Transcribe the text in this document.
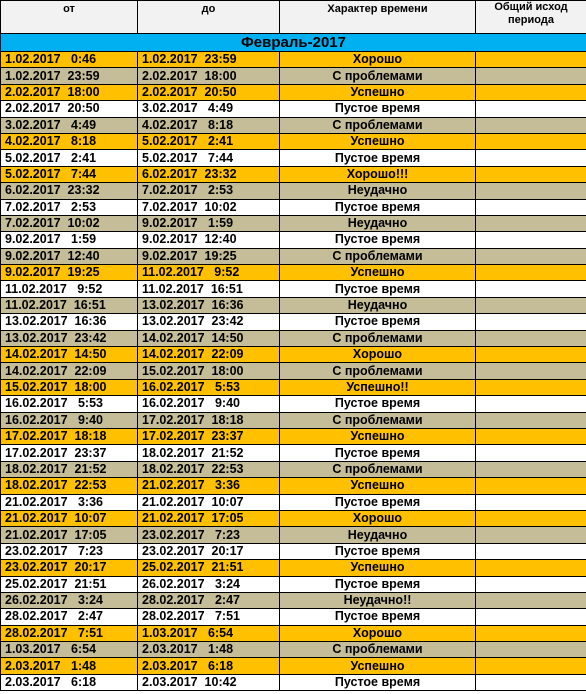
от	до	Характер времени	Общий исход периода
Февраль-2017			
1.02.2017   0:46	1.02.2017  23:59	Хорошо	
1.02.2017  23:59	2.02.2017  18:00	С проблемами	
2.02.2017  18:00	2.02.2017  20:50	Успешно	
2.02.2017  20:50	3.02.2017   4:49	Пустое время	
3.02.2017   4:49	4.02.2017   8:18	С проблемами	
4.02.2017   8:18	5.02.2017   2:41	Успешно	
5.02.2017   2:41	5.02.2017   7:44	Пустое время	
5.02.2017   7:44	6.02.2017  23:32	Хорошо!!!	
6.02.2017  23:32	7.02.2017   2:53	Неудачно	
7.02.2017   2:53	7.02.2017  10:02	Пустое время	
7.02.2017  10:02	9.02.2017   1:59	Неудачно	
9.02.2017   1:59	9.02.2017  12:40	Пустое время	
9.02.2017  12:40	9.02.2017  19:25	С проблемами	
9.02.2017  19:25	11.02.2017   9:52	Успешно	
11.02.2017   9:52	11.02.2017  16:51	Пустое время	
11.02.2017  16:51	13.02.2017  16:36	Неудачно	
13.02.2017  16:36	13.02.2017  23:42	Пустое время	
13.02.2017  23:42	14.02.2017  14:50	С проблемами	
14.02.2017  14:50	14.02.2017  22:09	Хорошо	
14.02.2017  22:09	15.02.2017  18:00	С проблемами	
15.02.2017  18:00	16.02.2017   5:53	Успешно!!	
16.02.2017   5:53	16.02.2017   9:40	Пустое время	
16.02.2017   9:40	17.02.2017  18:18	С проблемами	
17.02.2017  18:18	17.02.2017  23:37	Успешно	
17.02.2017  23:37	18.02.2017  21:52	Пустое время	
18.02.2017  21:52	18.02.2017  22:53	С проблемами	
18.02.2017  22:53	21.02.2017   3:36	Успешно	
21.02.2017   3:36	21.02.2017  10:07	Пустое время	
21.02.2017  10:07	21.02.2017  17:05	Хорошо	
21.02.2017  17:05	23.02.2017   7:23	Неудачно	
23.02.2017   7:23	23.02.2017  20:17	Пустое время	
23.02.2017  20:17	25.02.2017  21:51	Успешно	
25.02.2017  21:51	26.02.2017   3:24	Пустое время	
26.02.2017   3:24	28.02.2017   2:47	Неудачно!!	
28.02.2017   2:47	28.02.2017   7:51	Пустое время	
28.02.2017   7:51	1.03.2017   6:54	Хорошо	
1.03.2017   6:54	2.03.2017   1:48	С проблемами	
2.03.2017   1:48	2.03.2017   6:18	Успешно	
2.03.2017   6:18	2.03.2017  10:42	Пустое время	
